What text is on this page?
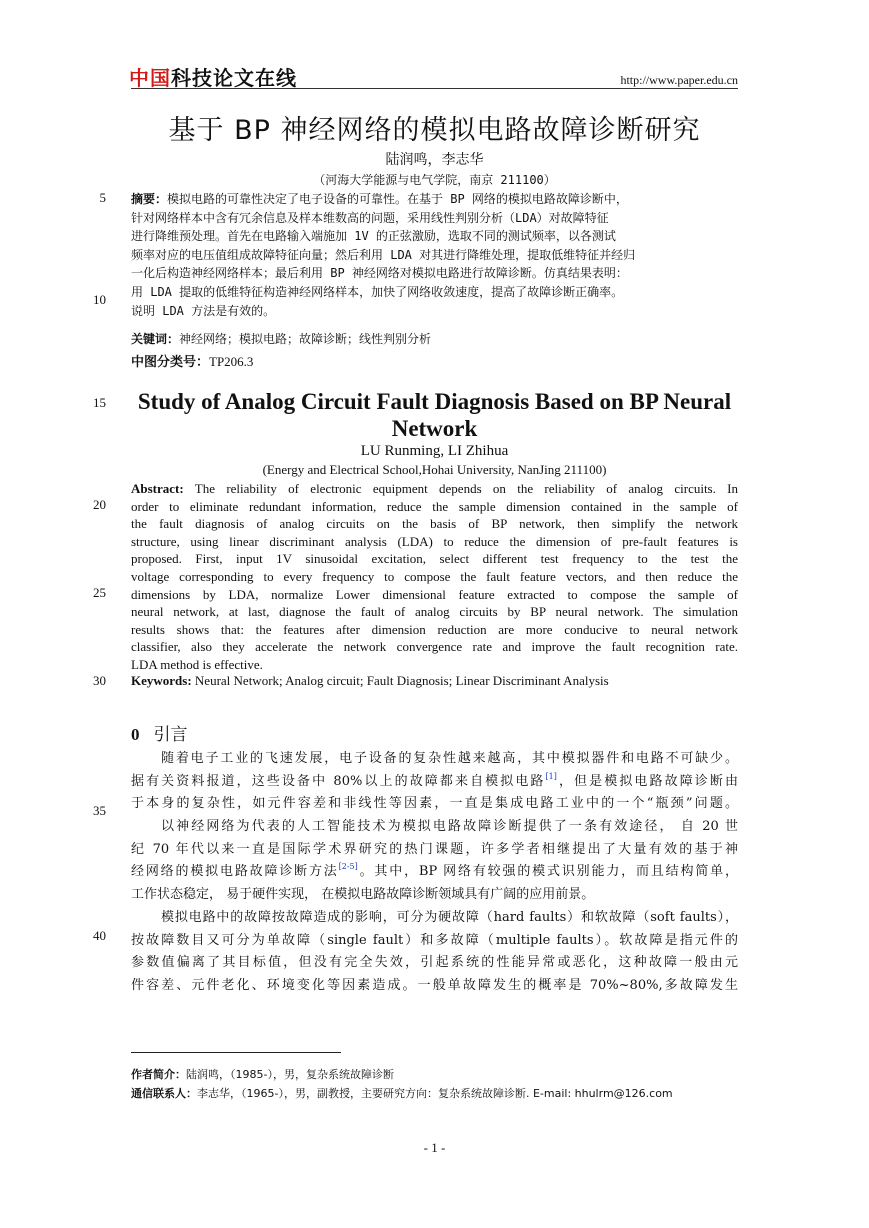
中国科技论文在线	http://www.paper.edu.cn
基于 BP 神经网络的模拟电路故障诊断研究
陆润鸣，李志华
（河海大学能源与电气学院，南京 211100）
5
10
15
20
25
30
35
40
摘要：模拟电路的可靠性决定了电子设备的可靠性。在基于 BP 网络的模拟电路故障诊断中，
针对网络样本中含有冗余信息及样本维数高的问题，采用线性判别分析（LDA）对故障特征
进行降维预处理。首先在电路输入端施加 1V 的正弦激励，选取不同的测试频率，以各测试
频率对应的电压值组成故障特征向量；然后利用 LDA 对其进行降维处理，提取低维特征并经归
一化后构造神经网络样本；最后利用 BP 神经网络对模拟电路进行故障诊断。仿真结果表明：
用 LDA 提取的低维特征构造神经网络样本，加快了网络收敛速度，提高了故障诊断正确率。
说明 LDA 方法是有效的。
关键词：神经网络；模拟电路；故障诊断；线性判别分析
中图分类号：TP206.3
Study of Analog Circuit Fault Diagnosis Based on BP Neural
Network
LU Runming, LI Zhihua
(Energy and Electrical School,Hohai University, NanJing 211100)
Abstract: The reliability of electronic equipment depends on the reliability of analog circuits. In
order to eliminate redundant information, reduce the sample dimension contained in the sample of
the fault diagnosis of analog circuits on the basis of BP network, then simplify the network
structure, using linear discriminant analysis (LDA) to reduce the dimension of pre-fault features is
proposed. First, input 1V sinusoidal excitation, select different test frequency to the test the
voltage corresponding to every frequency to compose the fault feature vectors, and then reduce the
dimensions by LDA, normalize Lower dimensional feature extracted to compose the sample of
neural network, at last, diagnose the fault of analog circuits by BP neural network. The simulation
results shows that: the features after dimension reduction are more conducive to neural network
classifier, also they accelerate the network convergence rate and improve the fault recognition rate.
LDA method is effective.
Keywords: Neural Network; Analog circuit; Fault Diagnosis; Linear Discriminant Analysis
0 引言
随着电子工业的飞速发展，电子设备的复杂性越来越高，其中模拟器件和电路不可缺少。
据有关资料报道，这些设备中 80%以上的故障都来自模拟电路[1]，但是模拟电路故障诊断由
于本身的复杂性，如元件容差和非线性等因素，一直是集成电路工业中的一个“瓶颈”问题。
以神经网络为代表的人工智能技术为模拟电路故障诊断提供了一条有效途径， 自 20 世
纪 70 年代以来一直是国际学术界研究的热门课题，许多学者相继提出了大量有效的基于神
经网络的模拟电路故障诊断方法[2-5]。其中，BP 网络有较强的模式识别能力，而且结构简单，
工作状态稳定， 易于硬件实现， 在模拟电路故障诊断领域具有广阔的应用前景。
模拟电路中的故障按故障造成的影响，可分为硬故障（hard faults）和软故障（soft faults），
按故障数目又可分为单故障（single fault）和多故障（multiple faults）。软故障是指元件的
参数值偏离了其目标值，但没有完全失效，引起系统的性能异常或恶化，这种故障一般由元
件容差、元件老化、环境变化等因素造成。一般单故障发生的概率是 70%~80%,多故障发生
作者简介：陆润鸣，（1985-），男，复杂系统故障诊断
通信联系人：李志华，（1965-），男，副教授，主要研究方向：复杂系统故障诊断. E-mail: hhulrm@126.com
- 1 -
